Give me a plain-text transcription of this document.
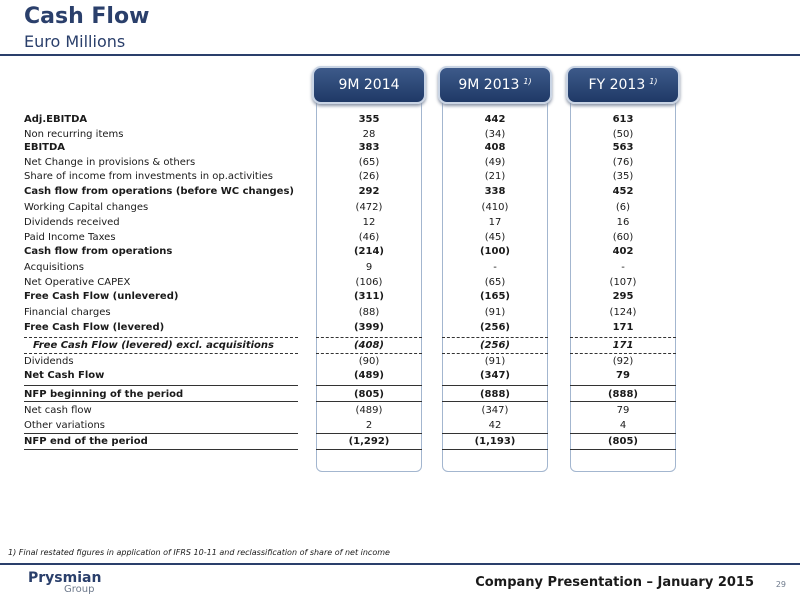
Cash Flow
Euro Millions
9M 2014	9M 2013 $^{1)}$	FY 2013 $^{1)}$
Adj.EBITDA	355	442	613
Non recurring items	28	(34)	(50)
EBITDA	383	408	563
Net Change in provisions & others	(65)	(49)	(76)
Share of income from investments in op.activities	(26)	(21)	(35)
Cash flow from operations (before WC changes)	292	338	452
Working Capital changes	(472)	(410)	(6)
Dividends received	12	17	16
Paid Income Taxes	(46)	(45)	(60)
Cash flow from operations	(214)	(100)	402
Acquisitions	9	-	-
Net Operative CAPEX	(106)	(65)	(107)
Free Cash Flow (unlevered)	(311)	(165)	295
Financial charges	(88)	(91)	(124)
Free Cash Flow (levered)	(399)	(256)	171
Free Cash Flow (levered) excl. acquisitions	(408)	(256)	171
Dividends	(90)	(91)	(92)
Net Cash Flow	(489)	(347)	79
NFP beginning of the period	(805)	(888)	(888)
Net cash flow	(489)	(347)	79
Other variations	2	42	4
NFP end of the period	(1,292)	(1,193)	(805)
1) Final restated figures in application of IFRS 10-11 and reclassification of share of net income
Prysmian
Group	Company Presentation – January 2015	29
